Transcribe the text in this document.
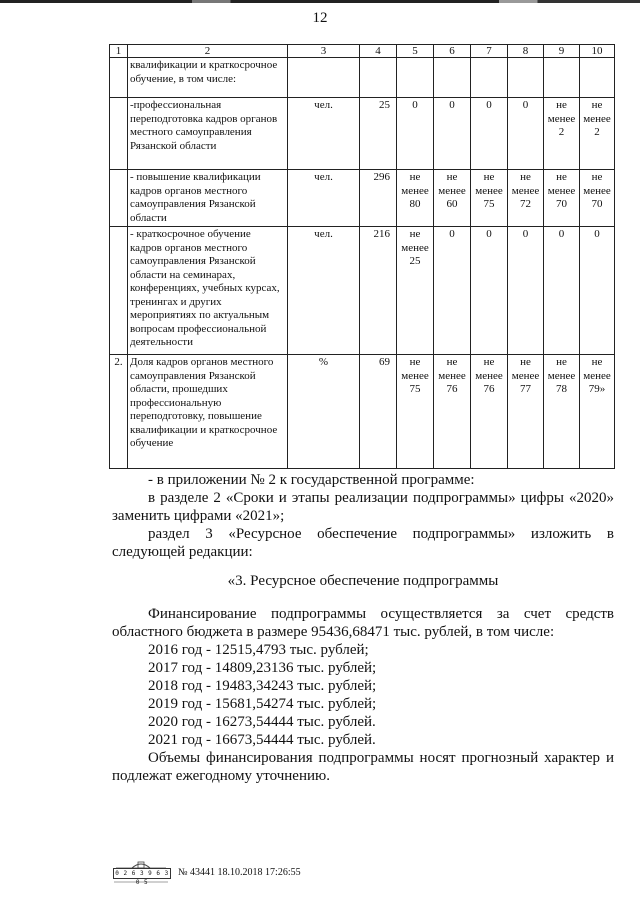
12
1	2	3	4	5	6	7	8	9	10
	квалификации и краткосрочное обучение, в том числе:								
	-профессиональная переподготовка кадров органов местного самоуправления Рязанской области	чел.	25	0	0	0	0	не менее 2	не менее 2
	- повышение квалификации кадров органов местного самоуправления Рязанской области	чел.	296	не менее 80	не менее 60	не менее 75	не менее 72	не менее 70	не менее 70
	- краткосрочное обучение кадров органов местного самоуправления Рязанской области на семинарах, конференциях, учебных курсах, тренингах и других мероприятиях по актуальным вопросам профессиональной деятельности	чел.	216	не менее 25	0	0	0	0	0
2.	Доля кадров органов местного самоуправления Рязанской области, прошедших профессиональную переподготовку, повышение квалификации и краткосрочное обучение	%	69	не менее 75	не менее 76	не менее 76	не менее 77	не менее 78	не менее 79»
- в приложении № 2 к государственной программе:
в разделе 2 «Сроки и этапы реализации подпрограммы» цифры «2020»
заменить цифрами «2021»;
раздел 3 «Ресурсное обеспечение подпрограммы» изложить в
следующей редакции:
«3. Ресурсное обеспечение подпрограммы
Финансирование подпрограммы осуществляется за счет средств
областного бюджета в размере 95436,68471 тыс. рублей, в том числе:
2016 год - 12515,4793 тыс. рублей;
2017 год - 14809,23136 тыс. рублей;
2018 год - 19483,34243 тыс. рублей;
2019 год - 15681,54274 тыс. рублей;
2020 год - 16273,54444 тыс. рублей.
2021 год - 16673,54444 тыс. рублей.
Объемы финансирования подпрограммы носят прогнозный характер и
подлежат ежегодному уточнению.
0 2 6 3 9 6 3 0 5
№ 43441 18.10.2018 17:26:55
